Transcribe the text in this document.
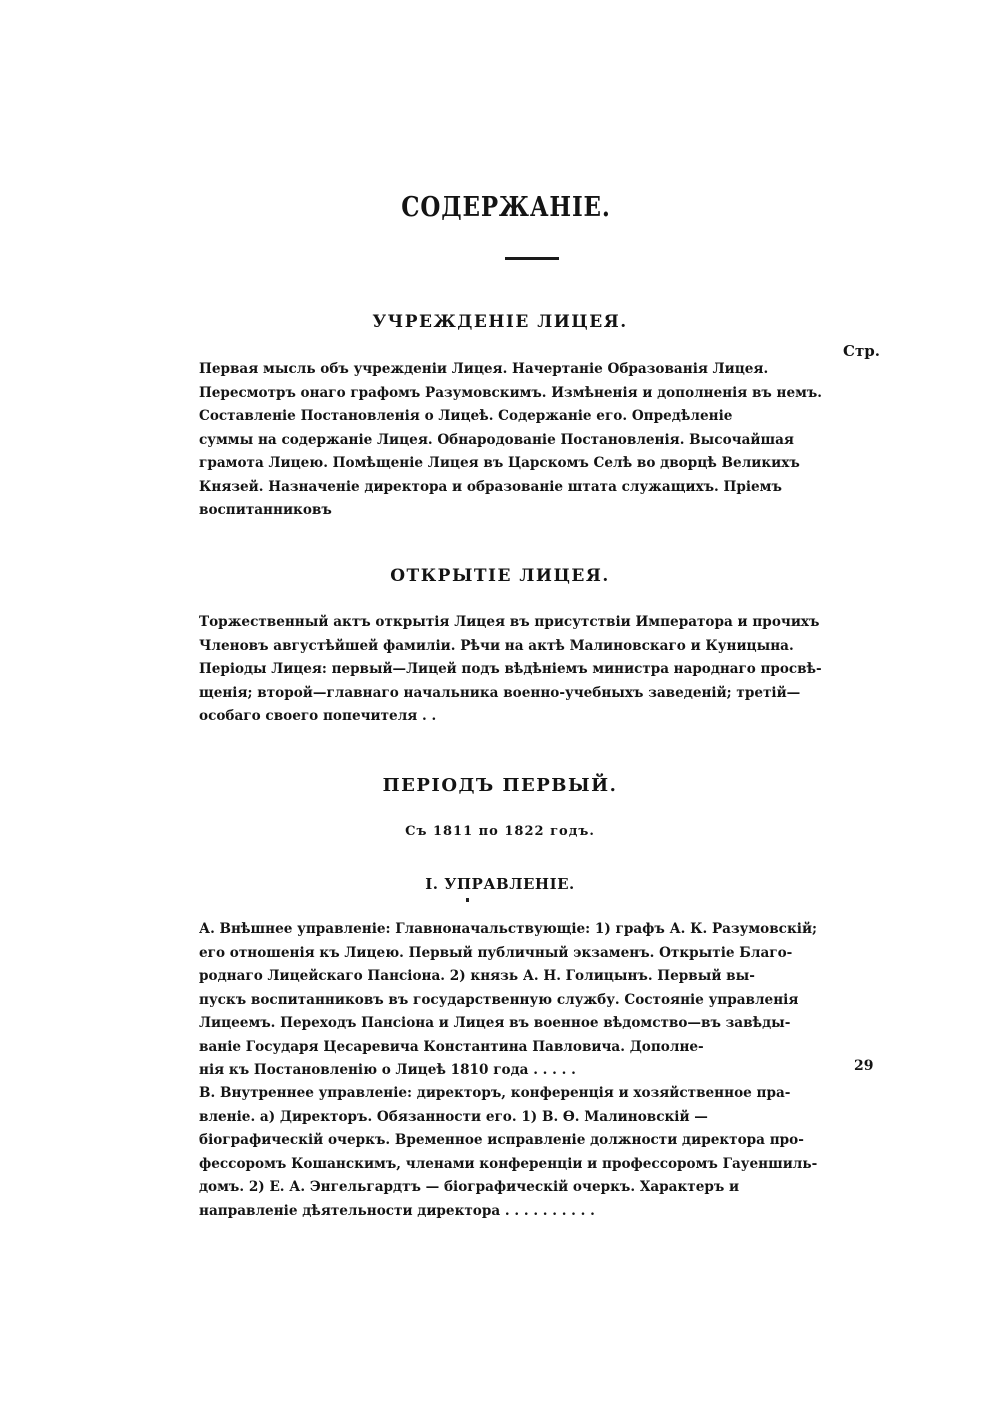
СОДЕРЖАНІЕ.
УЧРЕЖДЕНІЕ ЛИЦЕЯ.
Стр.
Первая мысль объ учрежденіи Лицея. Начертаніе Образованія Лицея.
Пересмотръ онаго графомъ Разумовскимъ. Измѣненія и дополненія въ немъ.
Составленіе Постановленія о Лицеѣ. Содержаніе его. Опредѣленіе
суммы на содержаніе Лицея. Обнародованіе Постановленія. Высочайшая
грамота Лицею. Помѣщеніе Лицея въ Царскомъ Селѣ во дворцѣ Великихъ
Князей. Назначеніе директора и образованіе штата служащихъ. Пріемъ
воспитанниковъ
ОТКРЫТІЕ ЛИЦЕЯ.
Торжественный актъ открытія Лицея въ присутствіи Императора и прочихъ
Членовъ августѣйшей фамиліи. Рѣчи на актѣ Малиновскаго и Куницына.
Періоды Лицея: первый—Лицей подъ вѣдѣніемъ министра народнаго просвѣ-
щенія; второй—главнаго начальника военно-учебныхъ заведеній; третій—
особаго своего попечителя . .
ПЕРІОДЪ ПЕРВЫЙ.
Съ 1811 по 1822 годъ.
I. УПРАВЛЕНІЕ.
А. Внѣшнее управленіе: Главноначальствующіе: 1) графъ А. К. Разумовскій;
его отношенія къ Лицею. Первый публичный экзаменъ. Открытіе Благо-
роднаго Лицейскаго Пансіона. 2) князь А. Н. Голицынъ. Первый вы-
пускъ воспитанниковъ въ государственную службу. Состояніе управленія
Лицеемъ. Переходъ Пансіона и Лицея въ военное вѣдомство—въ завѣды-
ваніе Государя Цесаревича Константина Павловича. Дополне-
нія къ Постановленію о Лицеѣ 1810 года . . . . .	29
В. Внутреннее управленіе: директоръ, конференція и хозяйственное пра-
вленіе. а) Директоръ. Обязанности его. 1) В. Ѳ. Малиновскій —
біографическій очеркъ. Временное исправленіе должности директора про-
фессоромъ Кошанскимъ, членами конференціи и профессоромъ Гауеншиль-
домъ. 2) Е. А. Энгельгардтъ — біографическій очеркъ. Характеръ и
направленіе дѣятельности директора . . . . . . . . . .
